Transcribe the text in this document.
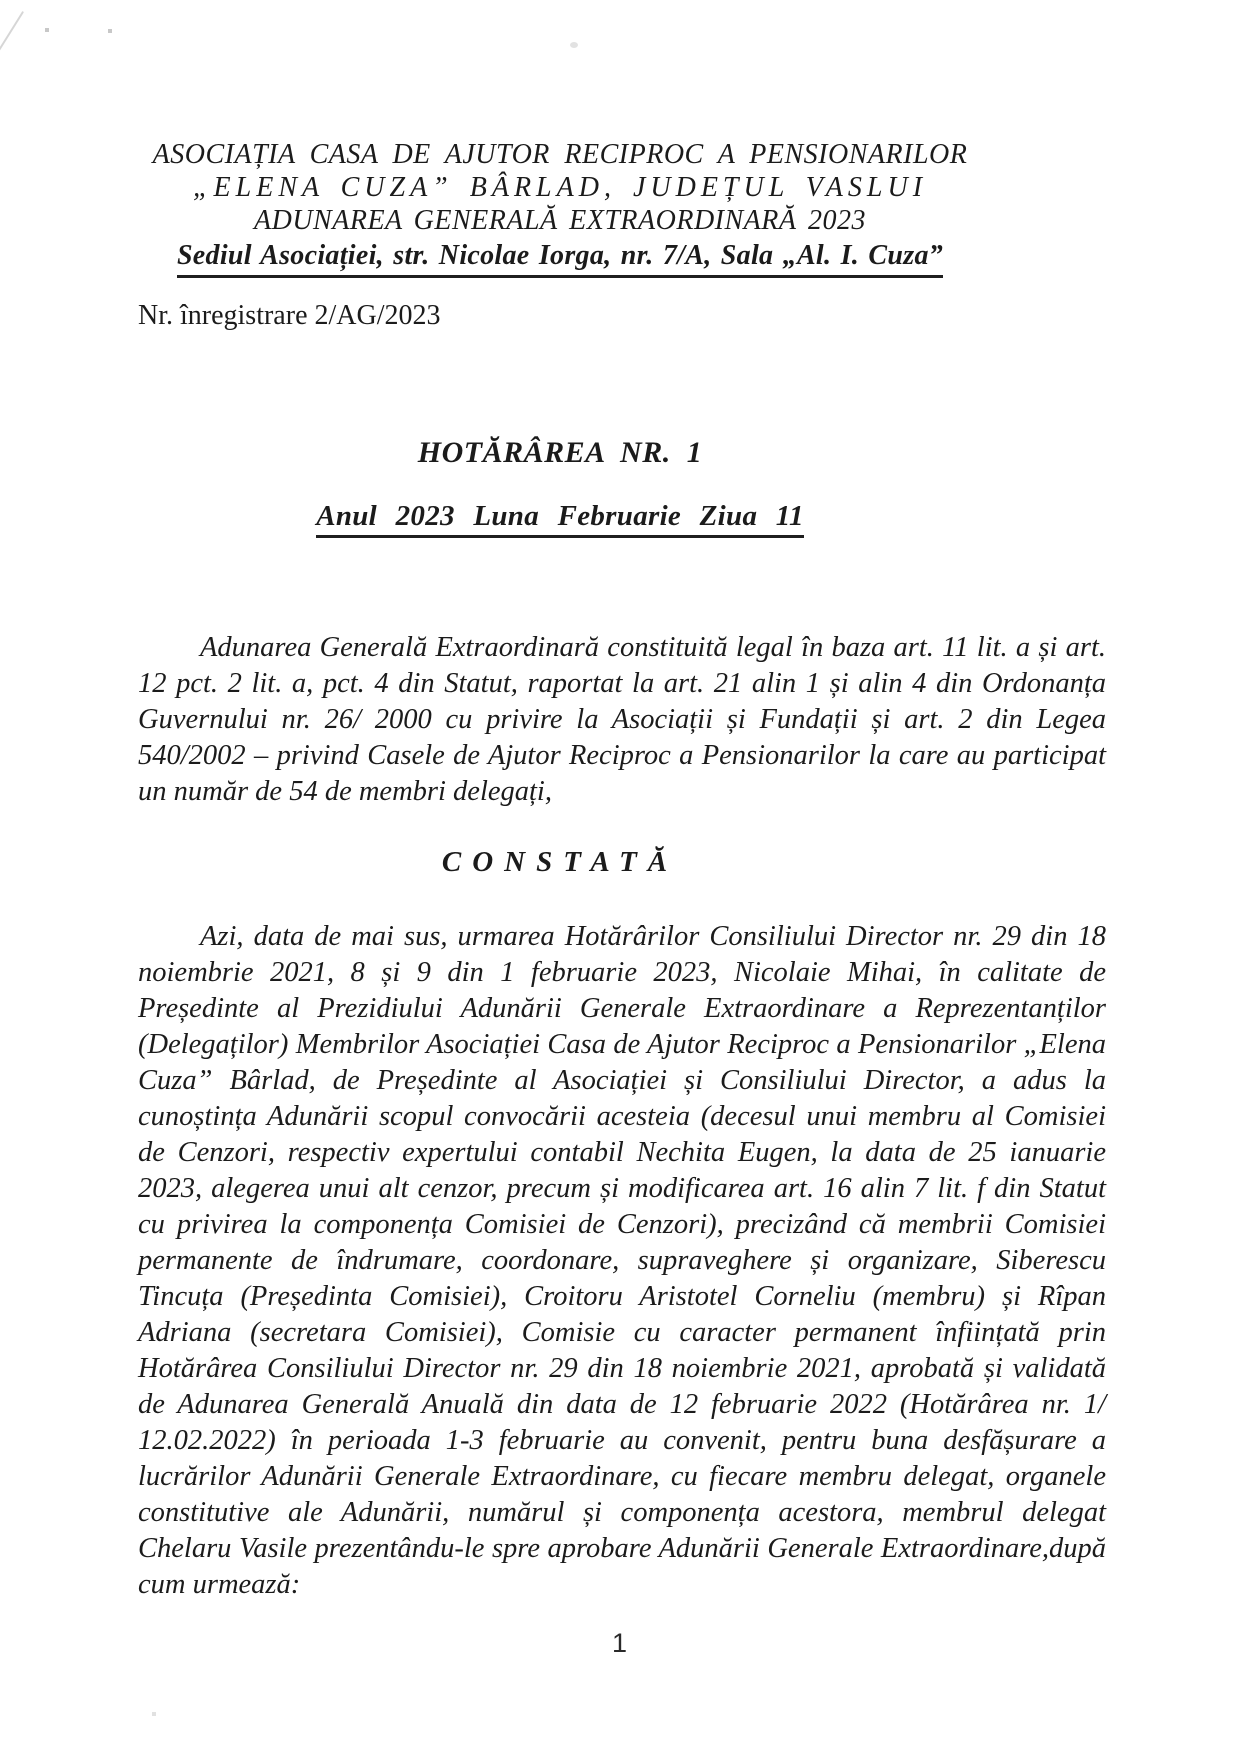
ASOCIAȚIA CASA DE AJUTOR RECIPROC A PENSIONARILOR
„ELENA CUZA” BÂRLAD, JUDEȚUL VASLUI
ADUNAREA GENERALĂ EXTRAORDINARĂ 2023
Sediul Asociației, str. Nicolae Iorga, nr. 7/A, Sala „Al. I. Cuza”
Nr. înregistrare 2/AG/2023
HOTĂRÂREA NR. 1
Anul 2023 Luna Februarie Ziua 11

Adunarea Generală Extraordinară constituită legal în baza art. 11 lit. a și art. 12 pct. 2 lit. a, pct. 4 din Statut, raportat la art. 21 alin 1 și alin 4 din Ordonanța Guvernului nr. 26/ 2000 cu privire la Asociații și Fundații și art. 2 din Legea 540/2002 – privind Casele de Ajutor Reciproc a Pensionarilor la care au participat un număr de 54 de membri delegați,

CONSTATĂ

Azi, data de mai sus, urmarea Hotărârilor Consiliului Director nr. 29 din 18 noiembrie 2021, 8 și 9 din 1 februarie 2023, Nicolaie Mihai, în calitate de Președinte al Prezidiului Adunării Generale Extraordinare a Reprezentanților (Delegaților) Membrilor Asociației Casa de Ajutor Reciproc a Pensionarilor „Elena Cuza” Bârlad, de Președinte al Asociației și Consiliului Director, a adus la cunoștința Adunării scopul convocării acesteia (decesul unui membru al Comisiei de Cenzori, respectiv expertului contabil Nechita Eugen, la data de 25 ianuarie 2023, alegerea unui alt cenzor, precum și modificarea art. 16 alin 7 lit. f din Statut cu privirea la componența Comisiei de Cenzori), precizând că membrii Comisiei permanente de îndrumare, coordonare, supraveghere și organizare, Siberescu Tincuța (Președinta Comisiei), Croitoru Aristotel Corneliu (membru) și Rîpan Adriana (secretara Comisiei), Comisie cu caracter permanent înființată prin Hotărârea Consiliului Director nr. 29 din 18 noiembrie 2021, aprobată și validată de Adunarea Generală Anuală din data de 12 februarie 2022 (Hotărârea nr. 1/ 12.02.2022) în perioada 1-3 februarie au convenit, pentru buna desfășurare a lucrărilor Adunării Generale Extraordinare, cu fiecare membru delegat, organele constitutive ale Adunării, numărul și componența acestora, membrul delegat Chelaru Vasile prezentându-le spre aprobare Adunării Generale Extraordinare,după cum urmează:

1
